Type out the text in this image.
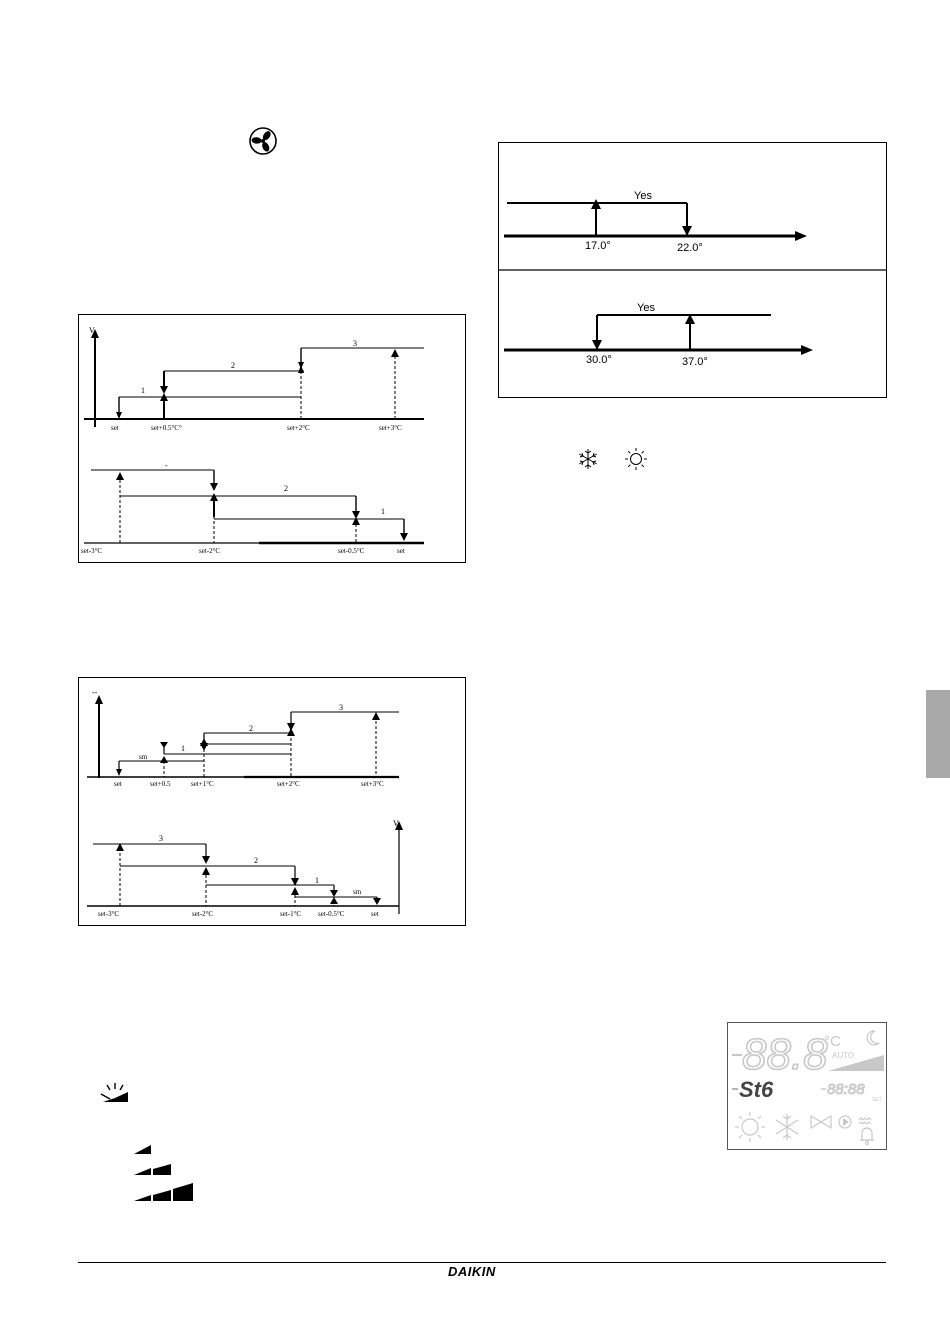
Vₑ
1
2
3
set	set+0.5°C°	set+2°C	set+3°C
-
2
1
set-3°C	set-2°C	set-0.5°C	set
--
sm
1
2
3
set	set+0.5	set+1°C	set+2°C	set+3°C
Vₜ
3
2
1
sm
set-3°C	set-2°C	set-1°C set-0.5°C	set
Yes
17.0°	22.0°
Yes
30.0°	37.0°
88.8
°C
AUTO
St6	88:88
SET
DAIKIN
